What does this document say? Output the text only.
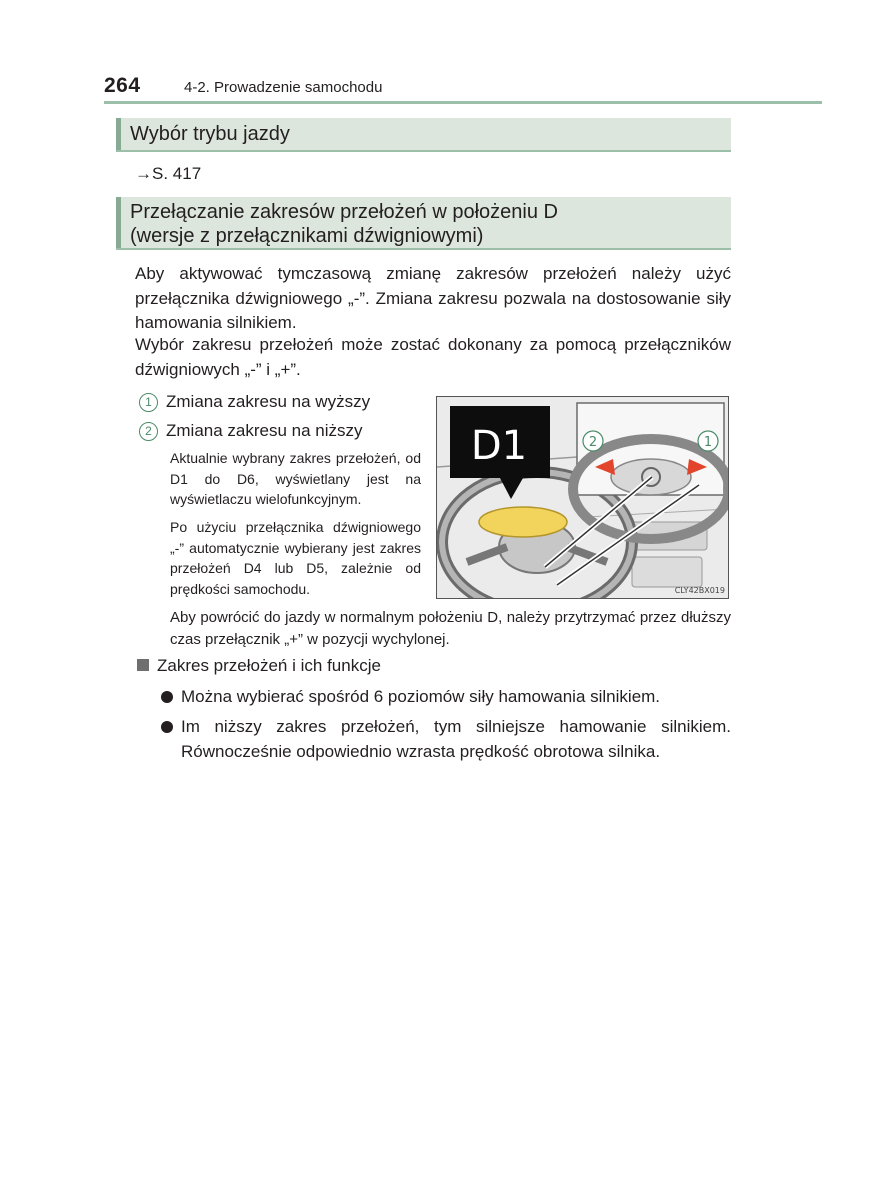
264	4-2. Prowadzenie samochodu
Wybór trybu jazdy
→S. 417
Przełączanie zakresów przełożeń w położeniu D
(wersje z przełącznikami dźwigniowymi)
Aby aktywować tymczasową zmianę zakresów przełożeń należy użyć przełącznika dźwigniowego „-”. Zmiana zakresu pozwala na dostosowanie siły hamowania silnikiem.
Wybór zakresu przełożeń może zostać dokonany za pomocą przełączników dźwigniowych „-” i „+”.
1 Zmiana zakresu na wyższy
2 Zmiana zakresu na niższy
Aktualnie wybrany zakres przełożeń, od D1 do D6, wyświetlany jest na wyświetlaczu wielofunkcyjnym.
Po użyciu przełącznika dźwigniowego „-” automatycznie wybierany jest zakres przełożeń D4 lub D5, zależnie od prędkości samochodu.
Aby powrócić do jazdy w normalnym położeniu D, należy przytrzymać przez dłuższy czas przełącznik „+” w pozycji wychylonej.
D1	2	1
CLY42BX019
Zakres przełożeń i ich funkcje
Można wybierać spośród 6 poziomów siły hamowania silnikiem.
Im niższy zakres przełożeń, tym silniejsze hamowanie silnikiem. Równocześnie odpowiednio wzrasta prędkość obrotowa silnika.
